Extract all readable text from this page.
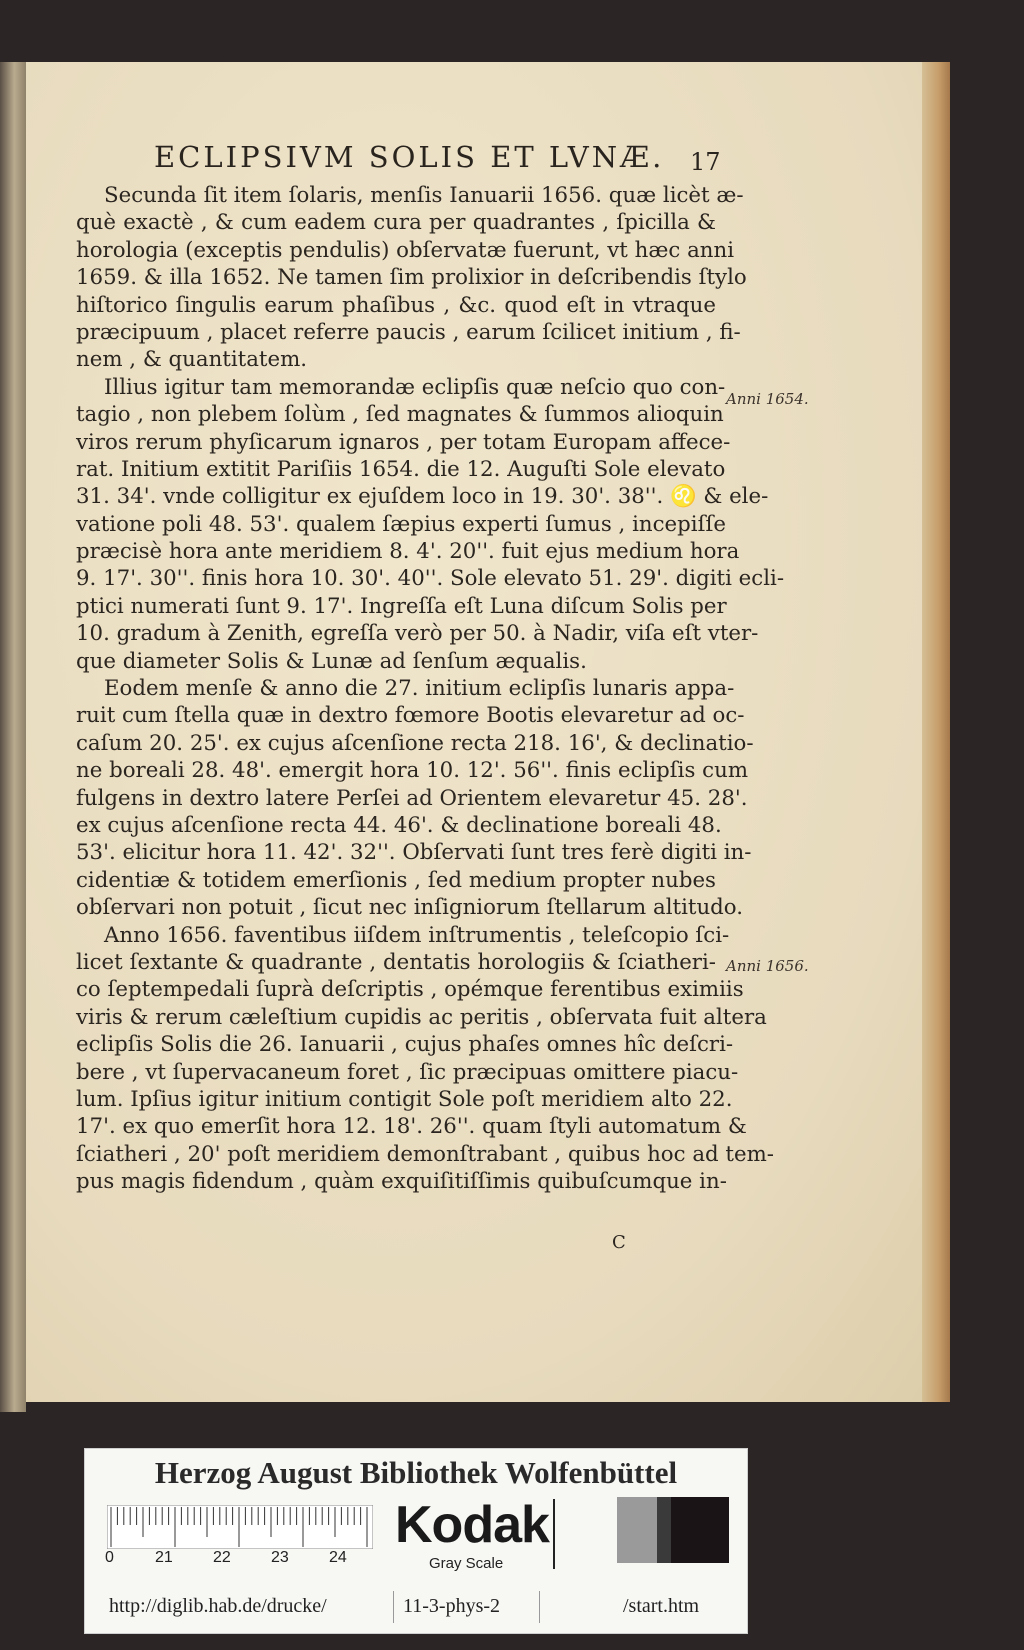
ECLIPSIVM SOLIS ET LVNÆ.	17
Secunda ſit item ſolaris, menſis Ianuarii 1656. quæ licèt æ-
què exactè , & cum eadem cura per quadrantes , ſpicilla &
horologia (exceptis pendulis) obſervatæ fuerunt, vt hæc anni
1659. & illa 1652. Ne tamen ſim prolixior in deſcribendis ſtylo
hiſtorico ſingulis earum phaſibus , &c. quod eſt in vtraque
præcipuum , placet referre paucis , earum ſcilicet initium , fi-
nem , & quantitatem.
Illius igitur tam memorandæ eclipſis quæ neſcio quo con-
tagio , non plebem ſolùm , ſed magnates & ſummos alioquin
viros rerum phyſicarum ignaros , per totam Europam affece-
rat. Initium extitit Pariſiis 1654. die 12. Auguſti Sole elevato
31. 34'. vnde colligitur ex ejuſdem loco in 19. 30'. 38''. ♌ & ele-
vatione poli 48. 53'. qualem ſæpius experti ſumus , incepiſſe
præcisè hora ante meridiem 8. 4'. 20''. fuit ejus medium hora
9. 17'. 30''. finis hora 10. 30'. 40''. Sole elevato 51. 29'. digiti ecli-
ptici numerati ſunt 9. 17'. Ingreſſa eſt Luna diſcum Solis per
10. gradum à Zenith, egreſſa verò per 50. à Nadir, viſa eſt vter-
que diameter Solis & Lunæ ad ſenſum æqualis.
Eodem menſe & anno die 27. initium eclipſis lunaris appa-
ruit cum ſtella quæ in dextro fœmore Bootis elevaretur ad oc-
caſum 20. 25'. ex cujus aſcenſione recta 218. 16', & declinatio-
ne boreali 28. 48'. emergit hora 10. 12'. 56''. finis eclipſis cum
fulgens in dextro latere Perſei ad Orientem elevaretur 45. 28'.
ex cujus aſcenſione recta 44. 46'. & declinatione boreali 48.
53'. elicitur hora 11. 42'. 32''. Obſervati ſunt tres ferè digiti in-
cidentiæ & totidem emerſionis , ſed medium propter nubes
obſervari non potuit , ſicut nec inſigniorum ſtellarum altitudo.
Anno 1656. faventibus iiſdem inſtrumentis , teleſcopio ſci-
licet ſextante & quadrante , dentatis horologiis & ſciatheri-
co ſeptempedali ſuprà deſcriptis , opémque ferentibus eximiis
viris & rerum cæleſtium cupidis ac peritis , obſervata fuit altera
eclipſis Solis die 26. Ianuarii , cujus phaſes omnes hîc deſcri-
bere , vt ſupervacaneum foret , ſic præcipuas omittere piacu-
lum. Ipſius igitur initium contigit Sole poſt meridiem alto 22.
17'. ex quo emerſit hora 12. 18'. 26''. quam ſtyli automatum &
ſciatheri , 20' poſt meridiem demonſtrabant , quibus hoc ad tem-
pus magis fidendum , quàm exquiſitiſſimis quibuſcumque in-
Anni 1654.
Anni 1656.
C
Herzog August Bibliothek Wolfenbüttel
0	21	22	23	24
Kodak
Gray Scale
http://diglib.hab.de/drucke/	11-3-phys-2	/start.htm
